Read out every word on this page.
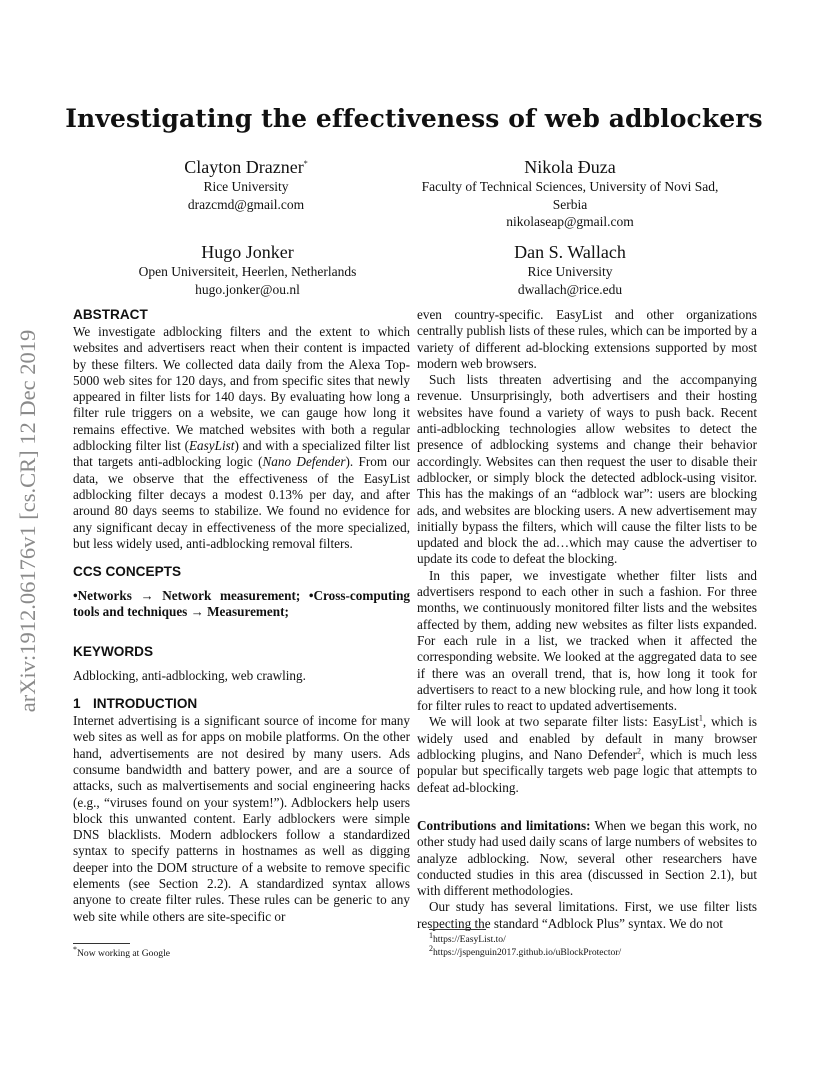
Investigating the effectiveness of web adblockers
Clayton Drazner*
Rice University
drazcmd@gmail.com
Nikola Đuza
Faculty of Technical Sciences, University of Novi Sad,
Serbia
nikolaseap@gmail.com
Hugo Jonker
Open Universiteit, Heerlen, Netherlands
hugo.jonker@ou.nl
Dan S. Wallach
Rice University
dwallach@rice.edu
arXiv:1912.06176v1 [cs.CR] 12 Dec 2019
ABSTRACT

We investigate adblocking filters and the extent to which websites and advertisers react when their content is impacted by these filters. We collected data daily from the Alexa Top-5000 web sites for 120 days, and from specific sites that newly appeared in filter lists for 140 days. By evaluating how long a filter rule triggers on a website, we can gauge how long it remains effective. We matched websites with both a regular adblocking filter list (EasyList) and with a specialized filter list that targets anti-adblocking logic (Nano Defender). From our data, we observe that the effectiveness of the EasyList adblocking filter decays a modest 0.13% per day, and after around 80 days seems to stabilize. We found no evidence for any significant decay in effectiveness of the more specialized, but less widely used, anti-adblocking removal filters.

CCS CONCEPTS

•Networks → Network measurement; •Cross-computing tools and techniques → Measurement;

KEYWORDS

Adblocking, anti-adblocking, web crawling.

1 INTRODUCTION

Internet advertising is a significant source of income for many web sites as well as for apps on mobile platforms. On the other hand, advertisements are not desired by many users. Ads consume bandwidth and battery power, and are a source of attacks, such as malvertisements and social engineering hacks (e.g., “viruses found on your system!”). Adblockers help users block this unwanted content. Early adblockers were simple DNS blacklists. Modern adblockers follow a standardized syntax to specify patterns in hostnames as well as digging deeper into the DOM structure of a website to remove specific elements (see Section 2.2). A standardized syntax allows anyone to create filter rules. These rules can be generic to any web site while others are site-specific or

even country-specific. EasyList and other organizations centrally publish lists of these rules, which can be imported by a variety of different ad-blocking extensions supported by most modern web browsers.

Such lists threaten advertising and the accompanying revenue. Unsurprisingly, both advertisers and their hosting websites have found a variety of ways to push back. Recent anti-adblocking technologies allow websites to detect the presence of adblocking systems and change their behavior accordingly. Websites can then request the user to disable their adblocker, or simply block the detected adblock-using visitor. This has the makings of an “adblock war”: users are blocking ads, and websites are blocking users. A new advertisement may initially bypass the filters, which will cause the filter lists to be updated and block the ad…which may cause the advertiser to update its code to defeat the blocking.

In this paper, we investigate whether filter lists and advertisers respond to each other in such a fashion. For three months, we continuously monitored filter lists and the websites affected by them, adding new websites as filter lists expanded. For each rule in a list, we tracked when it affected the corresponding website. We looked at the aggregated data to see if there was an overall trend, that is, how long it took for advertisers to react to a new blocking rule, and how long it took for filter rules to react to updated advertisements.

We will look at two separate filter lists: EasyList$^1$, which is widely used and enabled by default in many browser adblocking plugins, and Nano Defender$^2$, which is much less popular but specifically targets web page logic that attempts to defeat ad-blocking.

Contributions and limitations: When we began this work, no other study had used daily scans of large numbers of websites to analyze adblocking. Now, several other researchers have conducted studies in this area (discussed in Section 2.1), but with different methodologies.

Our study has several limitations. First, we use filter lists respecting the standard “Adblock Plus” syntax. We do not

*Now working at Google
$^1$https://EasyList.to/
$^2$https://jspenguin2017.github.io/uBlockProtector/
